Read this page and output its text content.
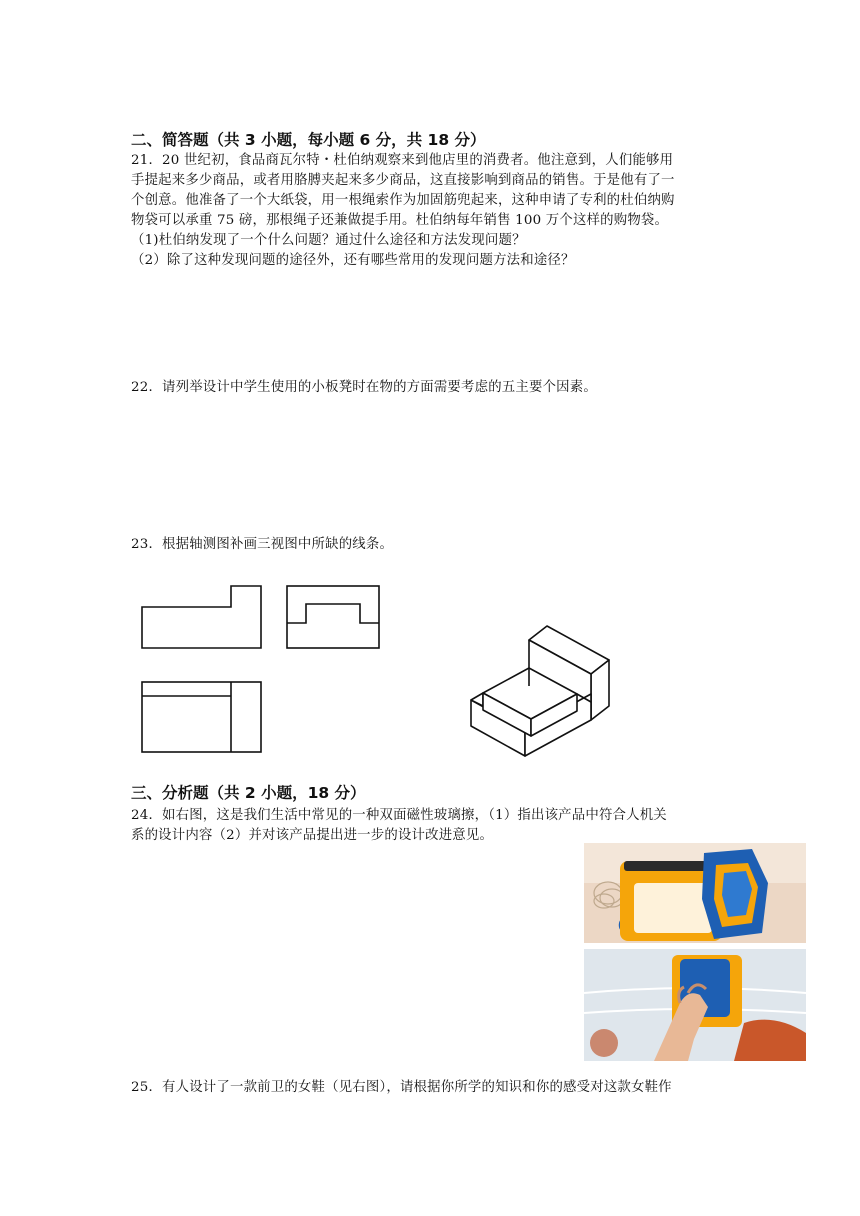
二、简答题（共 3 小题，每小题 6 分，共 18 分）
21．20 世纪初，食品商瓦尔特・杜伯纳观察来到他店里的消费者。他注意到，人们能够用
手提起来多少商品，或者用胳膊夹起来多少商品，这直接影响到商品的销售。于是他有了一
个创意。他准备了一个大纸袋，用一根绳索作为加固筋兜起来，这种申请了专利的杜伯纳购
物袋可以承重 75 磅，那根绳子还兼做提手用。杜伯纳每年销售 100 万个这样的购物袋。
（1)杜伯纳发现了一个什么问题？通过什么途径和方法发现问题？
（2）除了这种发现问题的途径外，还有哪些常用的发现问题方法和途径？
22．请列举设计中学生使用的小板凳时在物的方面需要考虑的五主要个因素。
23．根据轴测图补画三视图中所缺的线条。
三、分析题（共 2 小题，18 分）
24．如右图，这是我们生活中常见的一种双面磁性玻璃擦，（1）指出该产品中符合人机关
系的设计内容（2）并对该产品提出进一步的设计改进意见。
25．有人设计了一款前卫的女鞋（见右图），请根据你所学的知识和你的感受对这款女鞋作
